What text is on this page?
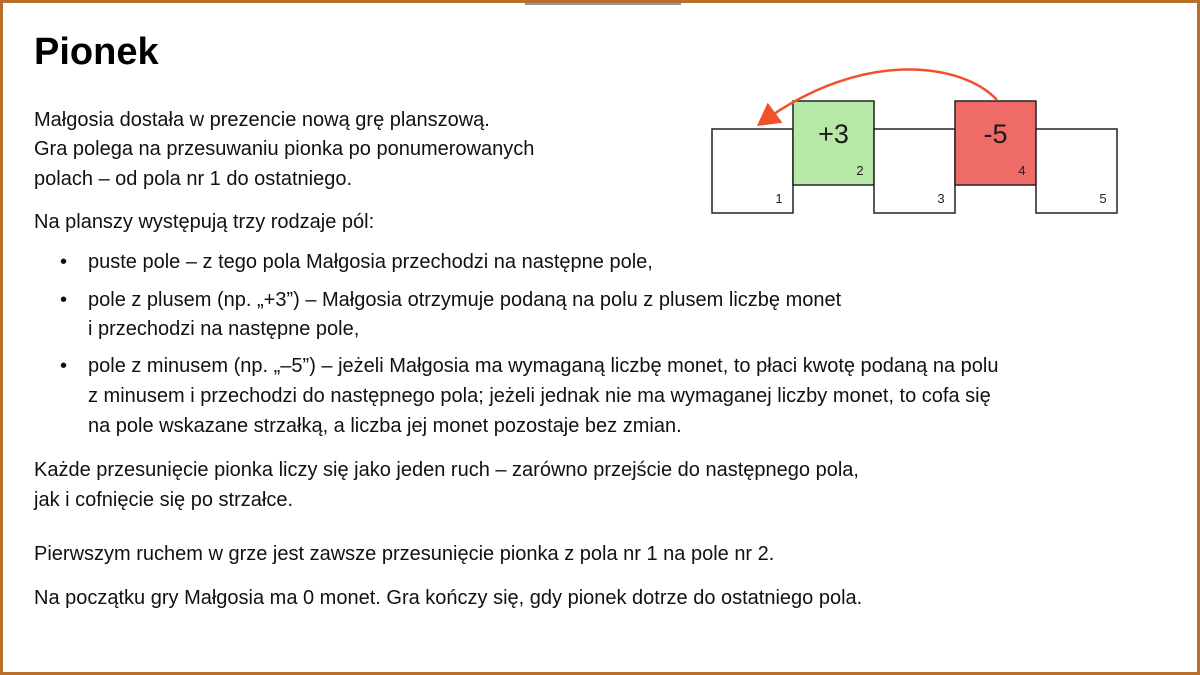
Pionek

Małgosia dostała w prezencie nową grę planszową.

Gra polega na przesuwaniu pionka po ponumerowanych

polach – od pola nr 1 do ostatniego.

Na planszy występują trzy rodzaje pól:

• puste pole – z tego pola Małgosia przechodzi na następne pole,

• pole z plusem (np. „+3”) – Małgosia otrzymuje podaną na polu z plusem liczbę monet

i przechodzi na następne pole,

• pole z minusem (np. „–5”) – jeżeli Małgosia ma wymaganą liczbę monet, to płaci kwotę podaną na polu

z minusem i przechodzi do następnego pola; jeżeli jednak nie ma wymaganej liczby monet, to cofa się

na pole wskazane strzałką, a liczba jej monet pozostaje bez zmian.

Każde przesunięcie pionka liczy się jako jeden ruch – zarówno przejście do następnego pola,

jak i cofnięcie się po strzałce.

Pierwszym ruchem w grze jest zawsze przesunięcie pionka z pola nr 1 na pole nr 2.

Na początku gry Małgosia ma 0 monet. Gra kończy się, gdy pionek dotrze do ostatniego pola.

1
+3
2
3
-5
4
5
